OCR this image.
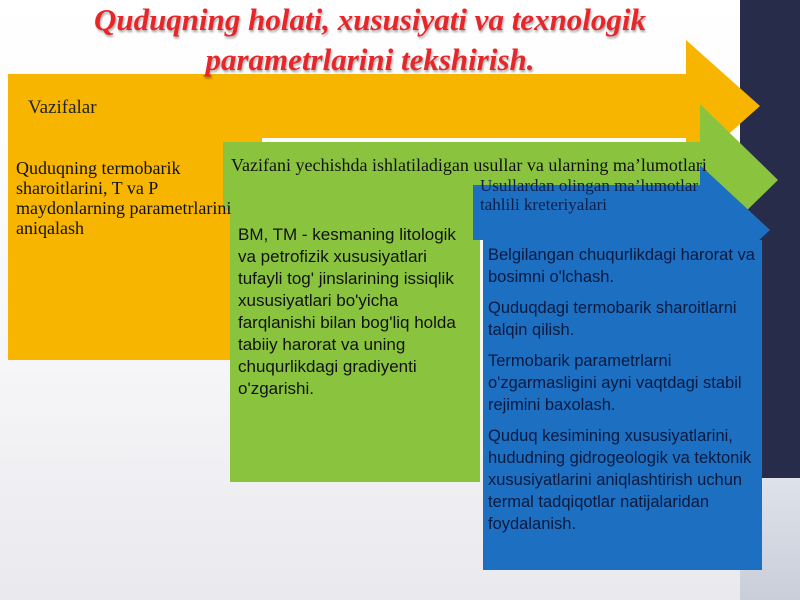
Quduqning holati, xususiyati va texnologik parametrlarini tekshirish.
Vazifalar
Quduqning termobarik sharoitlarini, T va P maydonlarning parametrlarini aniqalash
Vazifani yechishda ishlatiladigan usullar va ularning ma’lumotlari
BM, TM - kesmaning litologik va petrofizik xususiyatlari tufayli tog' jinslarining issiqlik xususiyatlari bo'yicha farqlanishi bilan bog'liq holda tabiiy harorat va uning chuqurlikdagi gradiyenti o'zgarishi.
Usullardan olingan ma’lumotlar tahlili kreteriyalari
Belgilangan chuqurlikdagi harorat va bosimni o'lchash.
Quduqdagi termobarik sharoitlarni talqin qilish.
Termobarik parametrlarni o'zgarmasligini ayni vaqtdagi stabil rejimini baxolash.
Quduq kesimining xususiyatlarini, hududning gidrogeologik va tektonik xususiyatlarini aniqlashtirish uchun termal tadqiqotlar natijalaridan foydalanish.
